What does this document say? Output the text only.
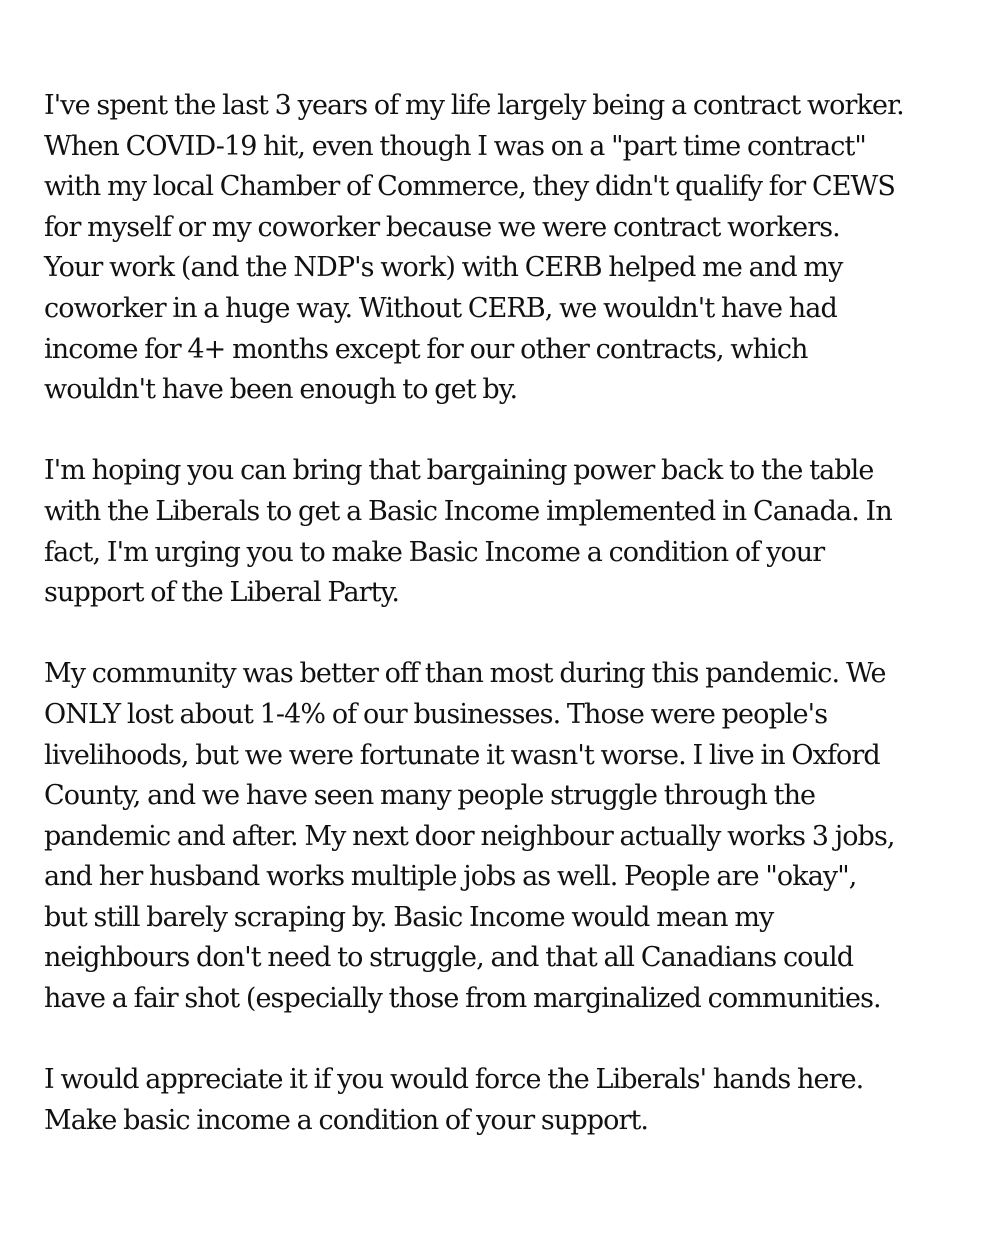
I've spent the last 3 years of my life largely being a contract worker.
When COVID-19 hit, even though I was on a "part time contract"
with my local Chamber of Commerce, they didn't qualify for CEWS
for myself or my coworker because we were contract workers.
Your work (and the NDP's work) with CERB helped me and my
coworker in a huge way. Without CERB, we wouldn't have had
income for 4+ months except for our other contracts, which
wouldn't have been enough to get by.

I'm hoping you can bring that bargaining power back to the table
with the Liberals to get a Basic Income implemented in Canada. In
fact, I'm urging you to make Basic Income a condition of your
support of the Liberal Party.

My community was better off than most during this pandemic. We
ONLY lost about 1-4% of our businesses. Those were people's
livelihoods, but we were fortunate it wasn't worse. I live in Oxford
County, and we have seen many people struggle through the
pandemic and after. My next door neighbour actually works 3 jobs,
and her husband works multiple jobs as well. People are "okay",
but still barely scraping by. Basic Income would mean my
neighbours don't need to struggle, and that all Canadians could
have a fair shot (especially those from marginalized communities.

I would appreciate it if you would force the Liberals' hands here.
Make basic income a condition of your support.
